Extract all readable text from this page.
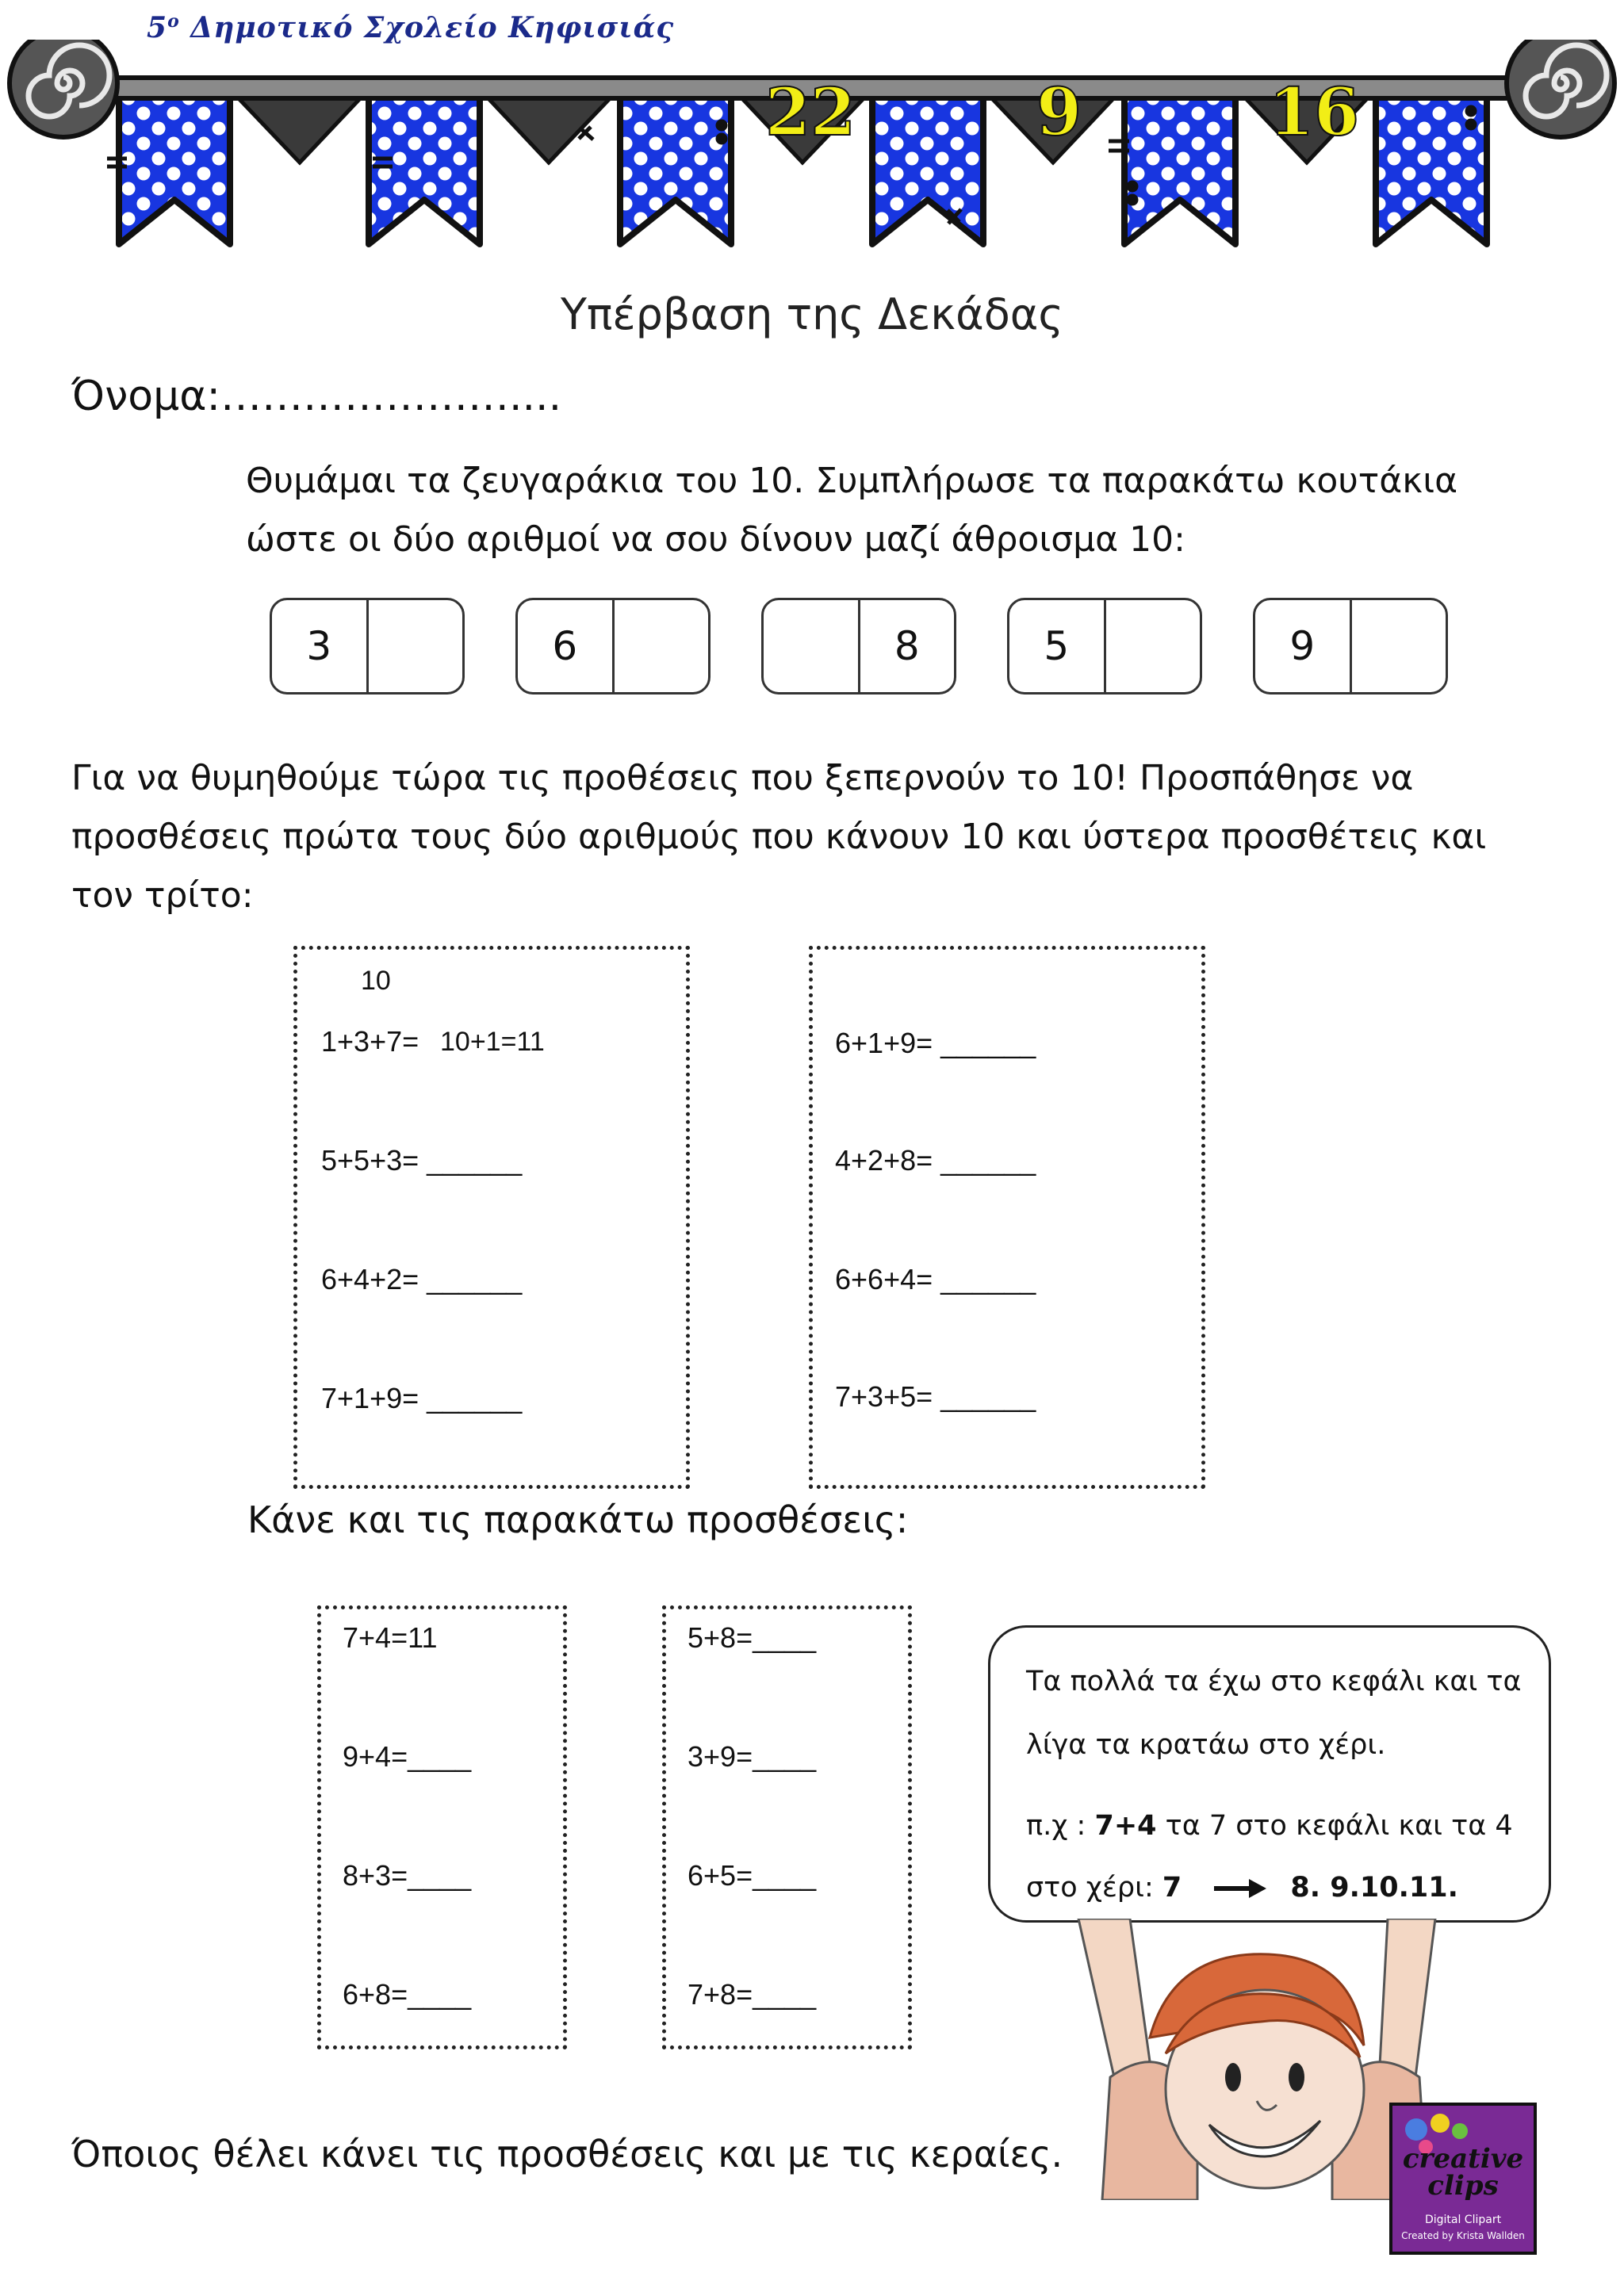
$5^o$ Δημοτικό Σχολείο Κηφισιάς
22	9	16
Υπέρβαση της Δεκάδας
Όνομα:…………………....
Θυμάμαι τα ζευγαράκια του 10. Συμπλήρωσε τα παρακάτω κουτάκια
ώστε οι δύο αριθμοί να σου δίνουν μαζί άθροισμα 10:
3	6	8	5	9
Για να θυμηθούμε τώρα τις προθέσεις που ξεπερνούν το 10! Προσπάθησε να
προσθέσεις πρώτα τους δύο αριθμούς που κάνουν 10 και ύστερα προσθέτεις και
τον τρίτο:
10
1+3+7= 10+1=11
5+5+3= ______
6+4+2= ______
7+1+9= ______
6+1+9= ______
4+2+8= ______
6+6+4= ______
7+3+5= ______
Κάνε και τις παρακάτω προσθέσεις:
7+4=11
9+4=____
8+3=____
6+8=____
5+8=____
3+9=____
6+5=____
7+8=____
Τα πολλά τα έχω στο κεφάλι και τα
λίγα τα κρατάω στο χέρι.
π.χ : 7+4 τα 7 στο κεφάλι και τα 4
στο χέρι: 7	8. 9.10.11.
creative
clips
Digital Clipart
Created by Krista Wallden
Όποιος θέλει κάνει τις προσθέσεις και με τις κεραίες.
